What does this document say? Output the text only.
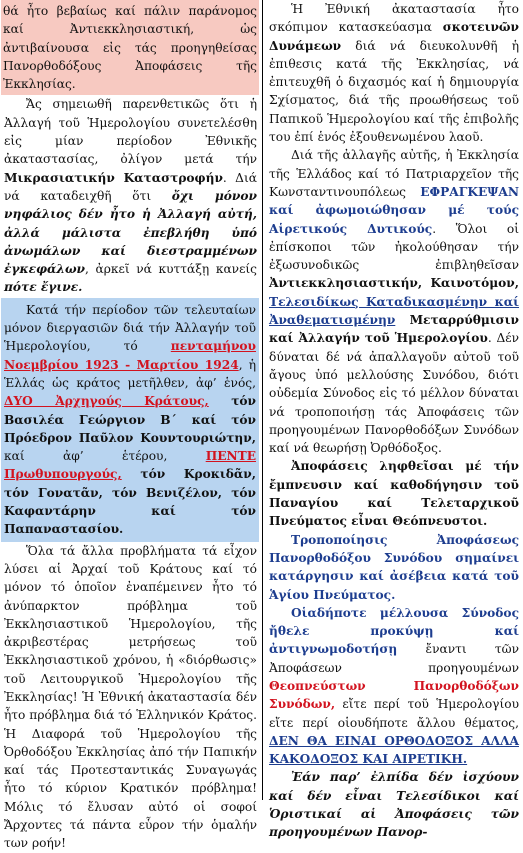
θά ἦτο βεβαίως καί πάλιν παράνομος καί Ἀντιεκκλησιαστική, ὡς ἀντιβαίνουσα εἰς τάς προηγηθείσας Πανορθοδόξους Ἀποφάσεις τῆς Ἐκκλησίας.
Ἄς σημειωθῆ παρενθετικῶς ὅτι ἡ Ἀλλαγή τοῦ Ἡμερολογίου συνετελέσθη εἰς μίαν περίοδον Ἐθνικῆς ἀκαταστασίας, ὀλίγον μετά τήν Μικρασιατικήν Καταστροφήν. Διά νά καταδειχθῆ ὅτι ὄχι μόνον νηφάλιος δέν ἦτο ἡ Ἀλλαγή αὐτή, ἀλλά μάλιστα ἐπεβλήθη ὑπό ἀνωμάλων καί διεστραμμένων ἐγκεφάλων, ἀρκεῖ νά κυττάξῃ κανείς πότε ἔγινε.
Κατά τήν περίοδον τῶν τελευταίων μόνον διεργασιῶν διά τήν Ἀλλαγήν τοῦ Ἡμερολογίου, τό πενταμήνου Νοεμβρίου 1923 - Μαρτίου 1924, ἡ Ἑλλάς ὡς κράτος μετῆλθεν, ἀφ’ ἑνός, ΔΥΟ Ἀρχηγούς Κράτους, τόν Βασιλέα Γεώργιον Β΄ καί τόν Πρόεδρον Παῦλον Κουντουριώτην, καί ἀφ’ ἑτέρου, ΠΕΝΤΕ Πρωθυπουργούς, τόν Κροκιδᾶν, τόν Γονατᾶν, τόν Βενιζέλον, τόν Καφαντάρην καί τόν Παπαναστασίου.
Ὅλα τά ἄλλα προβλήματα τά εἶχον λύσει αἱ Ἀρχαί τοῦ Κράτους καί τό μόνον τό ὁποῖον ἐναπέμεινεν ἦτο τό ἀνύπαρκτον πρόβλημα τοῦ Ἐκκλησιαστικοῦ Ἡμερολογίου, τῆς ἀκριβεστέρας μετρήσεως τοῦ Ἐκκλησιαστικοῦ χρόνου, ἡ «διόρθωσις» τοῦ Λειτουργικοῦ Ἡμερολογίου τῆς Ἐκκλησίας! Ἡ Ἐθνική ἀκαταστασία δέν ἦτο πρόβλημα διά τό Ἑλληνικόν Κράτος. Ἡ Διαφορά τοῦ Ἡμερολογίου τῆς Ὀρθοδόξου Ἐκκλησίας ἀπό τήν Παπικήν καί τάς Προτεσταντικάς Συναγωγάς ἦτο τό κύριον Κρατικόν πρόβλημα! Μόλις τό ἔλυσαν αὐτό οἱ σοφοί Ἄρχοντες τά πάντα εὗρον τήν ὁμαλήν των ροήν!
Ἡ Ἐθνική ἀκαταστασία ἦτο σκόπιμον κατασκεύασμα σκοτεινῶν Δυνάμεων διά νά διευκολυνθῆ ἡ ἐπιθεσις κατά τῆς Ἐκκλησίας, νά ἐπιτευχθῆ ὁ διχασμός καί ἡ δημιουργία Σχίσματος, διά τῆς προωθήσεως τοῦ Παπικοῦ Ἡμερολογίου καί τῆς ἐπιβολῆς του ἐπί ἑνός ἐξουθενωμένου λαοῦ.
Διά τῆς ἀλλαγῆς αὐτῆς, ἡ Ἐκκλησία τῆς Ἑλλάδος καί τό Πατριαρχεῖον τῆς Κωνσταντινουπόλεως ΕΦΡΑΓΚΕΨΑΝ καί ἀφωμοιώθησαν μέ τούς Αἱρετικούς Δυτικούς. Ὅλοι οἱ ἐπίσκοποι τῶν ἠκολούθησαν τήν ἐξωσυνοδικῶς ἐπιβληθεῖσαν Ἀντιεκκλησιαστικήν, Καινοτόμον, Τελεσιδίκως Καταδικασμένην καί Ἀναθεματισμένην Μεταρρύθμισιν καί Ἀλλαγήν τοῦ Ἡμερολογίου. Δέν δύναται δέ νά ἀπαλλαγοῦν αὐτοῦ τοῦ ἄγους ὑπό μελλούσης Συνόδου, διότι οὐδεμία Σύνοδος εἰς τό μέλλον δύναται νά τροποποιήσῃ τάς Ἀποφάσεις τῶν προηγουμένων Πανορθοδόξων Συνόδων καί νά θεωρήσῃ Ὀρθόδοξος.
Ἀποφάσεις ληφθεῖσαι μέ τήν ἔμπνευσιν καί καθοδήγησιν τοῦ Παναγίου καί Τελεταρχικοῦ Πνεύματος εἶναι Θεόπνευστοι.
Τροποποίησις Ἀποφάσεως Πανορθοδόξου Συνόδου σημαίνει κατάργησιν καί ἀσέβεια κατά τοῦ Ἁγίου Πνεύματος.
Οἱαδήποτε μέλλουσα Σύνοδος ἤθελε προκύψῃ καί ἀντιγνωμοδοτήσῃ ἔναντι τῶν Ἀποφάσεων προηγουμένων Θεοπνεύστων Πανορθοδόξων Συνόδων, εἴτε περί τοῦ Ἡμερολογίου εἴτε περί οἱουδήποτε ἄλλου θέματος, ΔΕΝ ΘΑ ΕΙΝΑΙ ΟΡΘΟΔΟΞΟΣ ΑΛΛΑ ΚΑΚΟΔΟΞΟΣ ΚΑΙ ΑΙΡΕΤΙΚΗ.
Ἐάν παρ’ ἐλπίδα δέν ἰσχύουν καί δέν εἶναι Τελεσίδικοι καί Ὁριστικαί αἱ Ἀποφάσεις τῶν προηγουμένων Πανορ-
